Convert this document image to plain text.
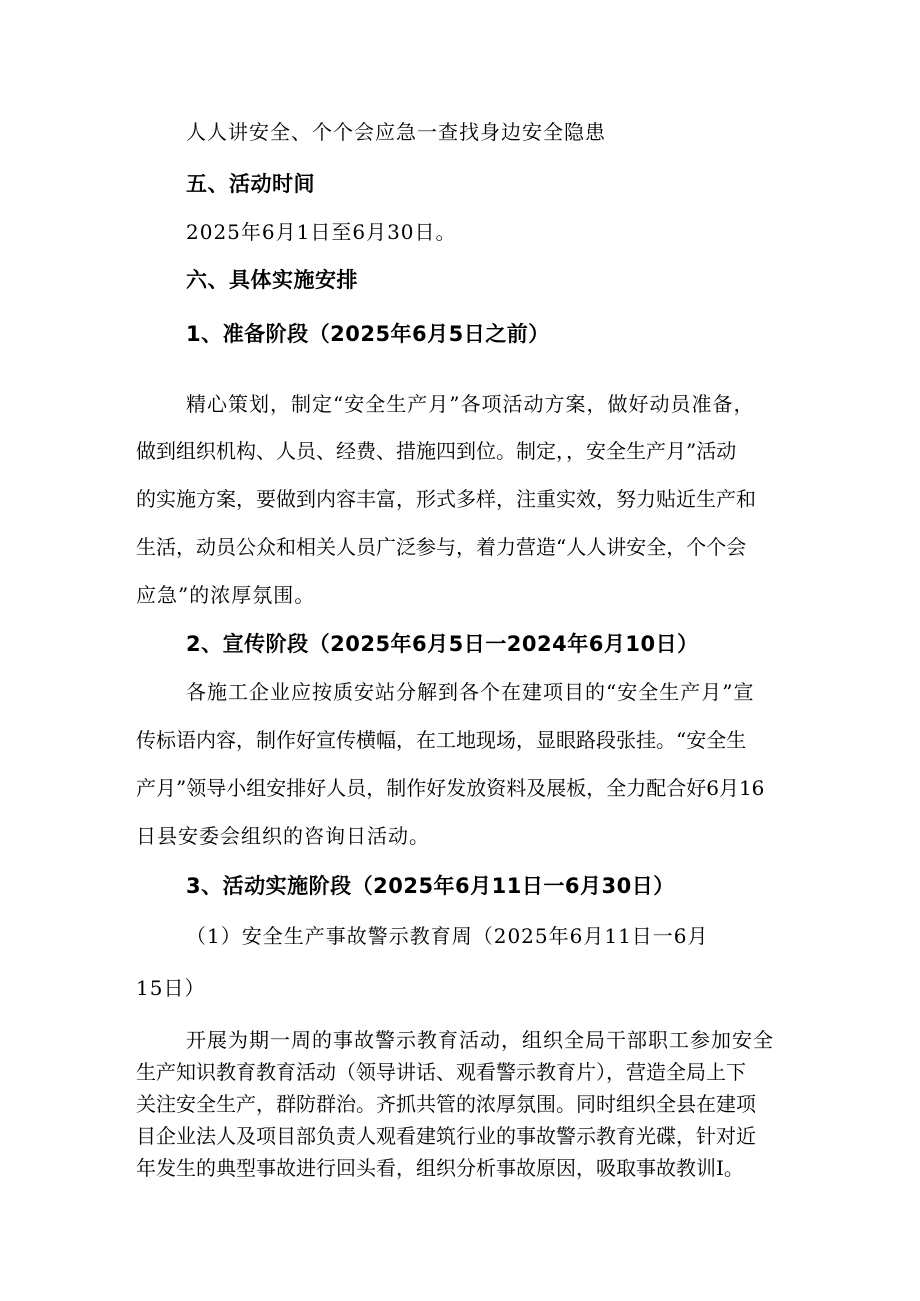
人人讲安全、个个会应急一查找身边安全隐患
五、活动时间
2025年6月1日至6月30日。
六、具体实施安排
1、准备阶段（2025年6月5日之前）
精心策划，制定“安全生产月”各项活动方案，做好动员准备，
做到组织机构、人员、经费、措施四到位。制定，，安全生产月”活动
的实施方案，要做到内容丰富，形式多样，注重实效，努力贴近生产和
生活，动员公众和相关人员广泛参与，着力营造“人人讲安全，个个会
应急”的浓厚氛围。
2、宣传阶段（2025年6月5日一2024年6月10日）
各施工企业应按质安站分解到各个在建项目的“安全生产月”宣
传标语内容，制作好宣传横幅，在工地现场，显眼路段张挂。“安全生
产月”领导小组安排好人员，制作好发放资料及展板，全力配合好6月16
日县安委会组织的咨询日活动。
3、活动实施阶段（2025年6月11日一6月30日）
（1）安全生产事故警示教育周（2025年6月11日一6月
15日）
开展为期一周的事故警示教育活动，组织全局干部职工参加安全
生产知识教育教育活动（领导讲话、观看警示教育片），营造全局上下
关注安全生产，群防群治。齐抓共管的浓厚氛围。同时组织全县在建项
目企业法人及项目部负责人观看建筑行业的事故警示教育光碟，针对近
年发生的典型事故进行回头看，组织分析事故原因，吸取事故教训I。
